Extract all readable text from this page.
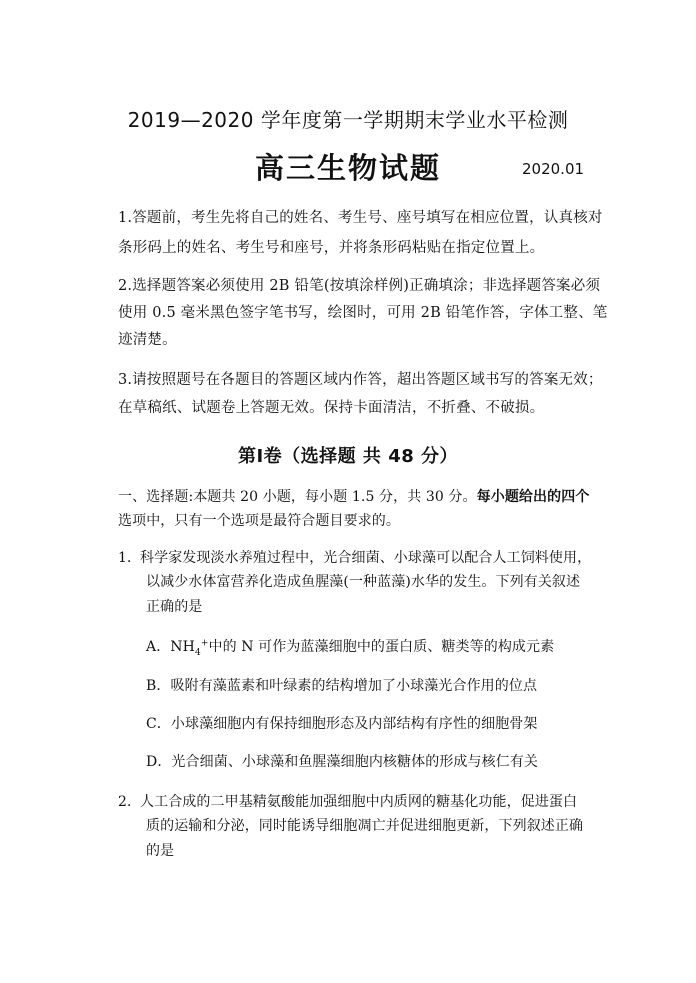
2019—2020 学年度第一学期期末学业水平检测
高三生物试题	2020.01
1.答题前，考生先将自己的姓名、考生号、座号填写在相应位置，认真核对
条形码上的姓名、考生号和座号，并将条形码粘贴在指定位置上。
2.选择题答案必须使用 2B 铅笔(按填涂样例)正确填涂；非选择题答案必须
使用 0.5 毫米黑色签字笔书写，绘图时，可用 2B 铅笔作答，字体工整、笔
迹清楚。
3.请按照题号在各题目的答题区域内作答，超出答题区域书写的答案无效；
在草稿纸、试题卷上答题无效。保持卡面清洁，不折叠、不破损。
第Ⅰ卷（选择题 共 48 分）
一、选择题:本题共 20 小题，每小题 1.5 分，共 30 分。每小题给出的四个
选项中，只有一个选项是最符合题目要求的。
1．
科学家发现淡水养殖过程中，光合细菌、小球藻可以配合人工饲料使用，
以减少水体富营养化造成鱼腥藻(一种蓝藻)水华的发生。下列有关叙述
正确的是
A．$NH_4^+$中的 N 可作为蓝藻细胞中的蛋白质、糖类等的构成元素
B．吸附有藻蓝素和叶绿素的结构增加了小球藻光合作用的位点
C．小球藻细胞内有保持细胞形态及内部结构有序性的细胞骨架
D．光合细菌、小球藻和鱼腥藻细胞内核糖体的形成与核仁有关
2．
人工合成的二甲基精氨酸能加强细胞中内质网的糖基化功能，促进蛋白
质的运输和分泌，同时能诱导细胞凋亡并促进细胞更新，下列叙述正确
的是
